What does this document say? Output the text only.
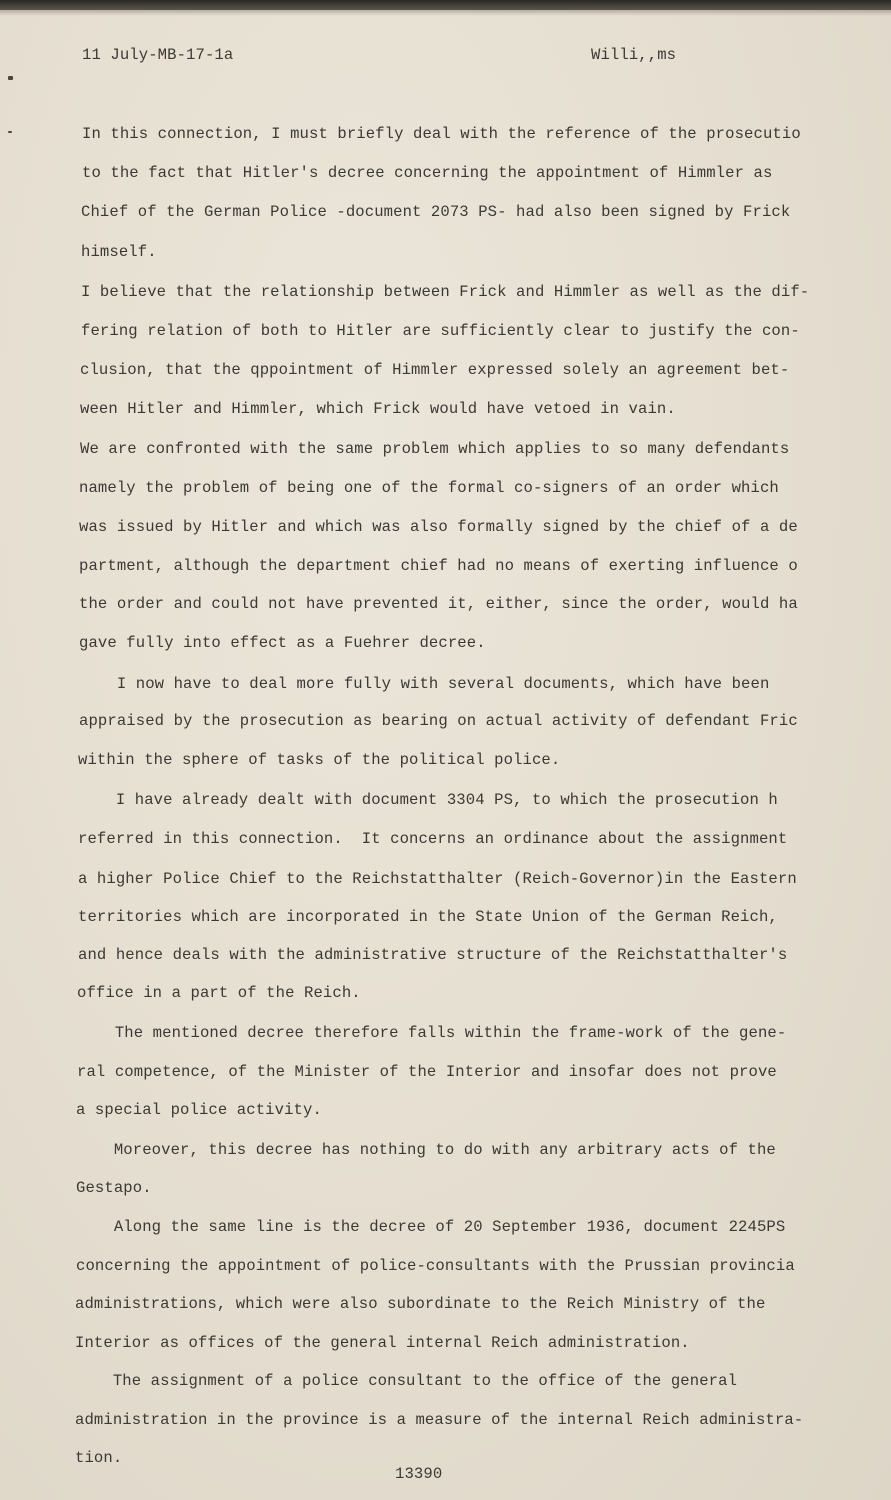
11 July-MB-17-1a	Willi,,ms
In this connection, I must briefly deal with the reference of the prosecutio
to the fact that Hitler's decree concerning the appointment of Himmler as
Chief of the German Police -document 2073 PS- had also been signed by Frick
himself.
I believe that the relationship between Frick and Himmler as well as the dif-
fering relation of both to Hitler are sufficiently clear to justify the con-
clusion, that the qppointment of Himmler expressed solely an agreement bet-
ween Hitler and Himmler, which Frick would have vetoed in vain.
We are confronted with the same problem which applies to so many defendants
namely the problem of being one of the formal co-signers of an order which
was issued by Hitler and which was also formally signed by the chief of a de
partment, although the department chief had no means of exerting influence o
the order and could not have prevented it, either, since the order, would ha
gave fully into effect as a Fuehrer decree.
I now have to deal more fully with several documents, which have been
appraised by the prosecution as bearing on actual activity of defendant Fric
within the sphere of tasks of the political police.
I have already dealt with document 3304 PS, to which the prosecution h
referred in this connection.  It concerns an ordinance about the assignment
a higher Police Chief to the Reichstatthalter (Reich-Governor)in the Eastern
territories which are incorporated in the State Union of the German Reich,
and hence deals with the administrative structure of the Reichstatthalter's
office in a part of the Reich.
The mentioned decree therefore falls within the frame-work of the gene-
ral competence, of the Minister of the Interior and insofar does not prove
a special police activity.
Moreover, this decree has nothing to do with any arbitrary acts of the
Gestapo.
Along the same line is the decree of 20 September 1936, document 2245PS
concerning the appointment of police-consultants with the Prussian provincia
administrations, which were also subordinate to the Reich Ministry of the
Interior as offices of the general internal Reich administration.
The assignment of a police consultant to the office of the general
administration in the province is a measure of the internal Reich administra-
tion.
13390
